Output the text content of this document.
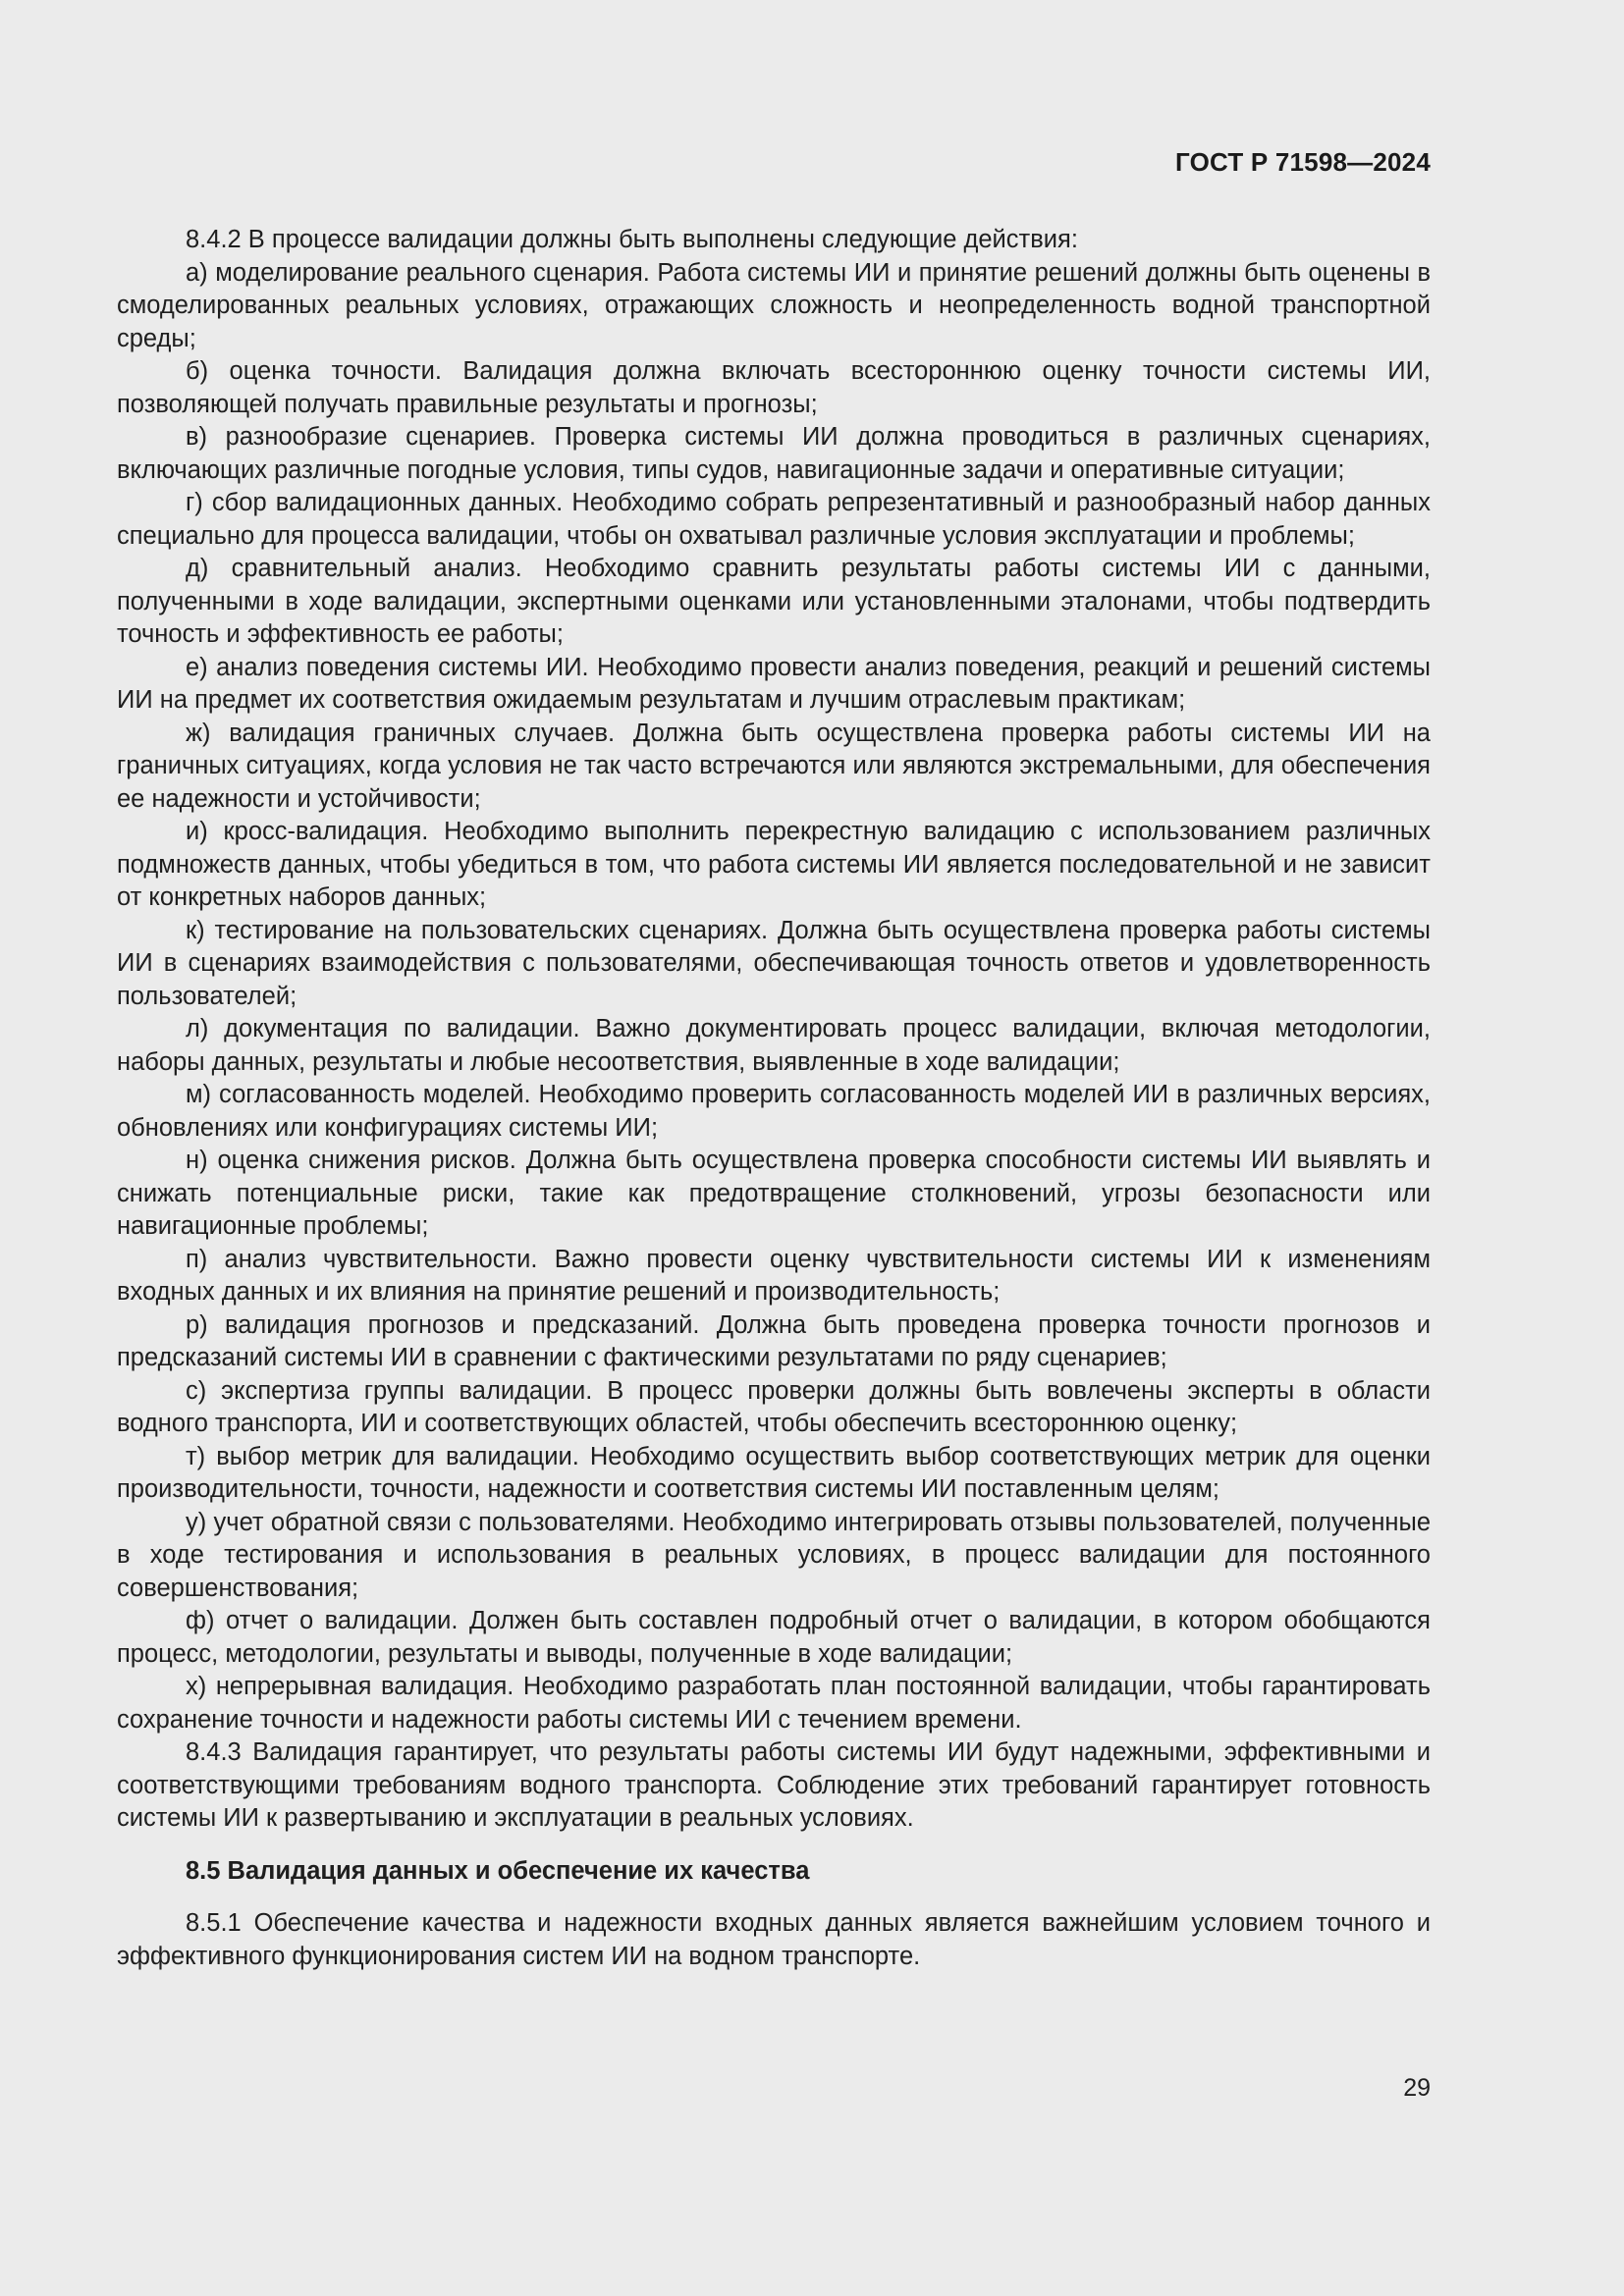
ГОСТ Р 71598—2024

8.4.2 В процессе валидации должны быть выполнены следующие действия:

а) моделирование реального сценария. Работа системы ИИ и принятие решений должны быть оценены в смоделированных реальных условиях, отражающих сложность и неопределенность водной транспортной среды;

б) оценка точности. Валидация должна включать всестороннюю оценку точности системы ИИ, позволяющей получать правильные результаты и прогнозы;

в) разнообразие сценариев. Проверка системы ИИ должна проводиться в различных сценариях, включающих различные погодные условия, типы судов, навигационные задачи и оперативные ситуации;

г) сбор валидационных данных. Необходимо собрать репрезентативный и разнообразный набор данных специально для процесса валидации, чтобы он охватывал различные условия эксплуатации и проблемы;

д) сравнительный анализ. Необходимо сравнить результаты работы системы ИИ с данными, полученными в ходе валидации, экспертными оценками или установленными эталонами, чтобы подтвердить точность и эффективность ее работы;

е) анализ поведения системы ИИ. Необходимо провести анализ поведения, реакций и решений системы ИИ на предмет их соответствия ожидаемым результатам и лучшим отраслевым практикам;

ж) валидация граничных случаев. Должна быть осуществлена проверка работы системы ИИ на граничных ситуациях, когда условия не так часто встречаются или являются экстремальными, для обеспечения ее надежности и устойчивости;

и) кросс-валидация. Необходимо выполнить перекрестную валидацию с использованием различных подмножеств данных, чтобы убедиться в том, что работа системы ИИ является последовательной и не зависит от конкретных наборов данных;

к) тестирование на пользовательских сценариях. Должна быть осуществлена проверка работы системы ИИ в сценариях взаимодействия с пользователями, обеспечивающая точность ответов и удовлетворенность пользователей;

л) документация по валидации. Важно документировать процесс валидации, включая методологии, наборы данных, результаты и любые несоответствия, выявленные в ходе валидации;

м) согласованность моделей. Необходимо проверить согласованность моделей ИИ в различных версиях, обновлениях или конфигурациях системы ИИ;

н) оценка снижения рисков. Должна быть осуществлена проверка способности системы ИИ выявлять и снижать потенциальные риски, такие как предотвращение столкновений, угрозы безопасности или навигационные проблемы;

п) анализ чувствительности. Важно провести оценку чувствительности системы ИИ к изменениям входных данных и их влияния на принятие решений и производительность;

р) валидация прогнозов и предсказаний. Должна быть проведена проверка точности прогнозов и предсказаний системы ИИ в сравнении с фактическими результатами по ряду сценариев;

с) экспертиза группы валидации. В процесс проверки должны быть вовлечены эксперты в области водного транспорта, ИИ и соответствующих областей, чтобы обеспечить всестороннюю оценку;

т) выбор метрик для валидации. Необходимо осуществить выбор соответствующих метрик для оценки производительности, точности, надежности и соответствия системы ИИ поставленным целям;

у) учет обратной связи с пользователями. Необходимо интегрировать отзывы пользователей, полученные в ходе тестирования и использования в реальных условиях, в процесс валидации для постоянного совершенствования;

ф) отчет о валидации. Должен быть составлен подробный отчет о валидации, в котором обобщаются процесс, методологии, результаты и выводы, полученные в ходе валидации;

х) непрерывная валидация. Необходимо разработать план постоянной валидации, чтобы гарантировать сохранение точности и надежности работы системы ИИ с течением времени.

8.4.3 Валидация гарантирует, что результаты работы системы ИИ будут надежными, эффективными и соответствующими требованиям водного транспорта. Соблюдение этих требований гарантирует готовность системы ИИ к развертыванию и эксплуатации в реальных условиях.

8.5 Валидация данных и обеспечение их качества

8.5.1 Обеспечение качества и надежности входных данных является важнейшим условием точного и эффективного функционирования систем ИИ на водном транспорте.

29
